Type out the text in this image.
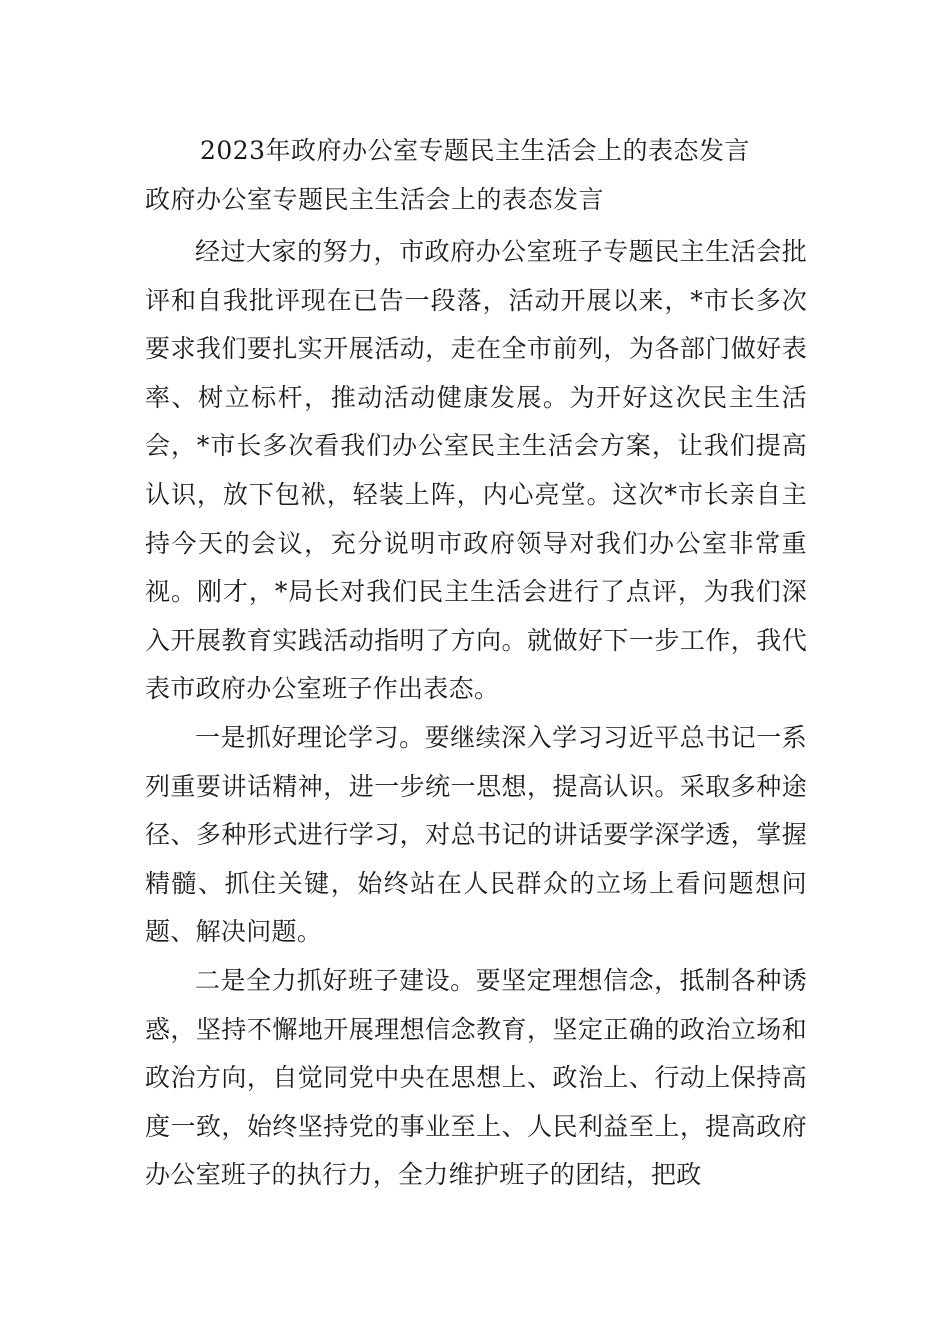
2023年政府办公室专题民主生活会上的表态发言
政府办公室专题民主生活会上的表态发言

经过大家的努力，市政府办公室班子专题民主生活会批评和自我批评现在已告一段落，活动开展以来，*市长多次要求我们要扎实开展活动，走在全市前列，为各部门做好表率、树立标杆，推动活动健康发展。为开好这次民主生活会，*市长多次看我们办公室民主生活会方案，让我们提高认识，放下包袱，轻装上阵，内心亮堂。这次*市长亲自主持今天的会议，充分说明市政府领导对我们办公室非常重视。刚才，*局长对我们民主生活会进行了点评，为我们深入开展教育实践活动指明了方向。就做好下一步工作，我代表市政府办公室班子作出表态。

一是抓好理论学习。要继续深入学习习近平总书记一系列重要讲话精神，进一步统一思想，提高认识。采取多种途径、多种形式进行学习，对总书记的讲话要学深学透，掌握精髓、抓住关键，始终站在人民群众的立场上看问题想问题、解决问题。

二是全力抓好班子建设。要坚定理想信念，抵制各种诱惑，坚持不懈地开展理想信念教育，坚定正确的政治立场和政治方向，自觉同党中央在思想上、政治上、行动上保持高度一致，始终坚持党的事业至上、人民利益至上，提高政府办公室班子的执行力，全力维护班子的团结，把政
